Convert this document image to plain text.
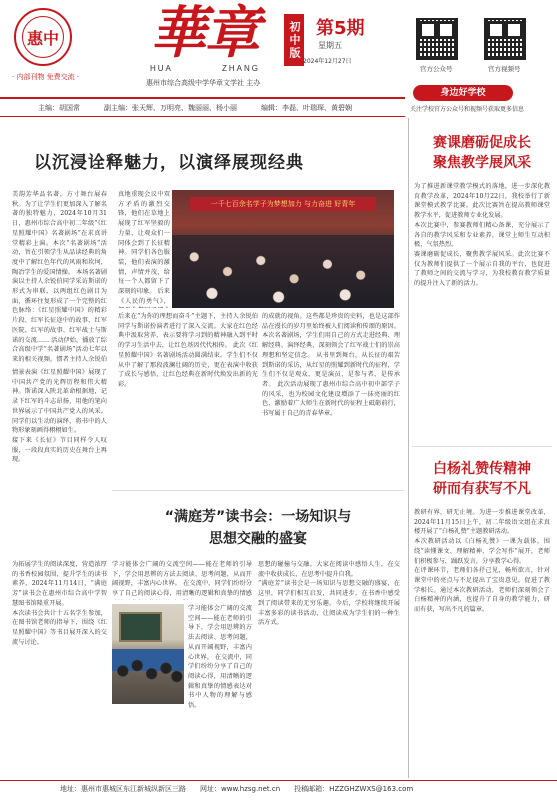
惠中
· 内部刊物 免费交流 ·
華章
HUA	ZHANG
初中版 第5期
星期五
2024年12月27日
惠州市综合高级中学华章文学社 主办
官方公众号	官方视频号
身边好学校
关注学校官方公众号和视频号获取更多信息
主编：胡国常	副主编：张天辉、万明亮、魏丽丽、杨小丽	编辑：李磊、叶瑞琛、黄碧娴
以沉浸诠释魅力，以演绎展现经典
美韵芳华品名著，方寸舞台展春秋。为了让学生们更加深入了解名著的独特魅力，2024年10月31日，惠州市综合高中初二年级“《红星照耀中国》名著剧场”在求真讲堂精彩上演。本次“名著剧场”活动，旨在引领学生从品读经典的角度中了解红色年代的风雨和坎坷，陶冶学生的爱国情操。 本场名著剧演以主持人余锐伯同学采访斯诺的形式为串联，以两组红色剧目为面，循环往复形成了一个完整的红色脉络：《红星照耀中国》的精彩片段、红军长征途中的故事、红军医院、红军的故事、红军战士与斯诺的交流…… 活动伊始，播放了综合高级中学“名著剧场”活动七年以来的相关视频。惯者主持人余锐伯
情景表演《红星照耀中国》展现了中国共产党的光辉历程和伟大精神。斯诺深入陕北革命根据地，记录下红军的斗志昂扬，用他的笔向世界展示了中国共产党人的风采。同学们以生动的演绎，将书中的人物形象刻画得栩栩如生。
接下来《长征》节目同样令人叹服，一段段真实的历史在舞台上再现。
一千七百余名学子为梦想加力 与力奋进 好青年
真地重现会议中双方矛盾的激烈交锋，他们在草地上展现了红军坚毅的力量，让观众们一同体会到了长征精神。同学们各色服装，他们表演的激情，声情并茂，给每一个人都留下了深刻的印象。 后来《人民的勇气》，
后来在“为你的理想而奋斗”主题下，主持人余锐伯同学与斯诺扮演者进行了深入交流。大家在红色经典中汲取营养，表示要将学习到的精神融入到平时的学习生活中去，让红色基因代代相传。 此次《红星照耀中国》名著剧场活动圆满结束。学生们不仅从中了解了那段波澜壮阔的历史，更在表演中收获了成长与感悟，让红色经典在新时代焕发出新的光彩。
的成就的视角。这些都是珍贵的史料，也是这部作品在漫长的岁月里始终被人们阅读和传颂的原因。本次名著剧场，学生们用自己的方式走进经典、理解经典、演绎经典，深刻领会了红军战士们的崇高理想和坚定信念。 从书里到舞台，从长征的艰苦到斯诺的采访，从红星的照耀到新时代的征程，学生们不仅是观众，更是演员、是参与者、是传承者。 此次活动展现了惠州市综合高中初中部学子的风采，也为校园文化建设增添了一抹亮丽的红色，激励着广大师生在新时代的征程上砥砺前行，书写属于自己的青春华章。
“满庭芳”读书会：一场知识与
思想交融的盛宴
为拓展学生的阅读深度，营造浓厚的书香校园氛围，提升学生的读书素养，2024年11月14日，“满庭芳”读书会在惠州市综合高中学智慧图书馆隆重开展。
本次读书会共计十五名学生参加，在图书馆老师的指导下，围绕《红星照耀中国》等书目展开深入的交流与讨论。
学习能体会广阔的交流空间——能在老师的引导下，学会用思辨的方法去阅读、思考问题，从而开阔视野，丰富内心世界。 在交流中，同学们纷纷分享了自己的阅读心得，用清晰的逻辑和真挚的情感
学习能体会广阔的交流空间——能在老师的引导下，学会用思辨的方法去阅读、思考问题，从而开阔视野，丰富内心世界。 在交流中，同学们纷纷分享了自己的阅读心得，用清晰的逻辑和真挚的情感表达对书中人物的理解与感悟。
思想的碰撞与交融。大家在阅读中感悟人生，在交流中收获成长，在思考中提升自我。
“满庭芳”读书会是一场知识与思想交融的盛宴，在这里，同学们相互启发，共同进步，在书香中感受到了阅读带来的无穷乐趣。今后，学校将继续开展丰富多彩的读书活动，让阅读成为学生们的一种生活方式。
赛课磨砺促成长
聚焦教学展风采
为了推进新课堂教学模式的落地，进一步深化教育教学改革，2024年10月22日，我校举行了新课堂模式教学比赛。此次比赛旨在提高教师课堂教学水平，促进教师专业化发展。
本次比赛中，参赛教师们精心备课，充分展示了各自的教学风采和专业素养，课堂上师生互动积极，气氛热烈。
赛课磨砺促成长，聚焦教学展风采。此次比赛不仅为教师们提供了一个展示自我的平台，也促进了教师之间的交流与学习，为我校教育教学质量的提升注入了新的活力。
白杨礼赞传精神
研而有获写不凡
教研有界，研无止境。为进一步推进课堂改革，2024年11月15日上午，初二年级语文组在求真楼开展了“白杨礼赞”主题教研活动。
本次教研活动以《白杨礼赞》一课为载体，围绕“读懂课文、理解精神、学会写作”展开，老师们积极参与，踊跃发言，分享教学心得。
在评课环节，老师们各抒己见，畅所欲言，针对课堂中的亮点与不足提出了宝贵意见，促进了教学相长。通过本次教研活动，老师们深刻领会了白杨精神的内涵，也提升了自身的教学能力，研而有获，写出不凡的篇章。
地址：惠州市惠城区东江新城纵新区三路 网址：www.hzsg.net.cn 投稿邮箱：HZZGHZWXS@163.com
